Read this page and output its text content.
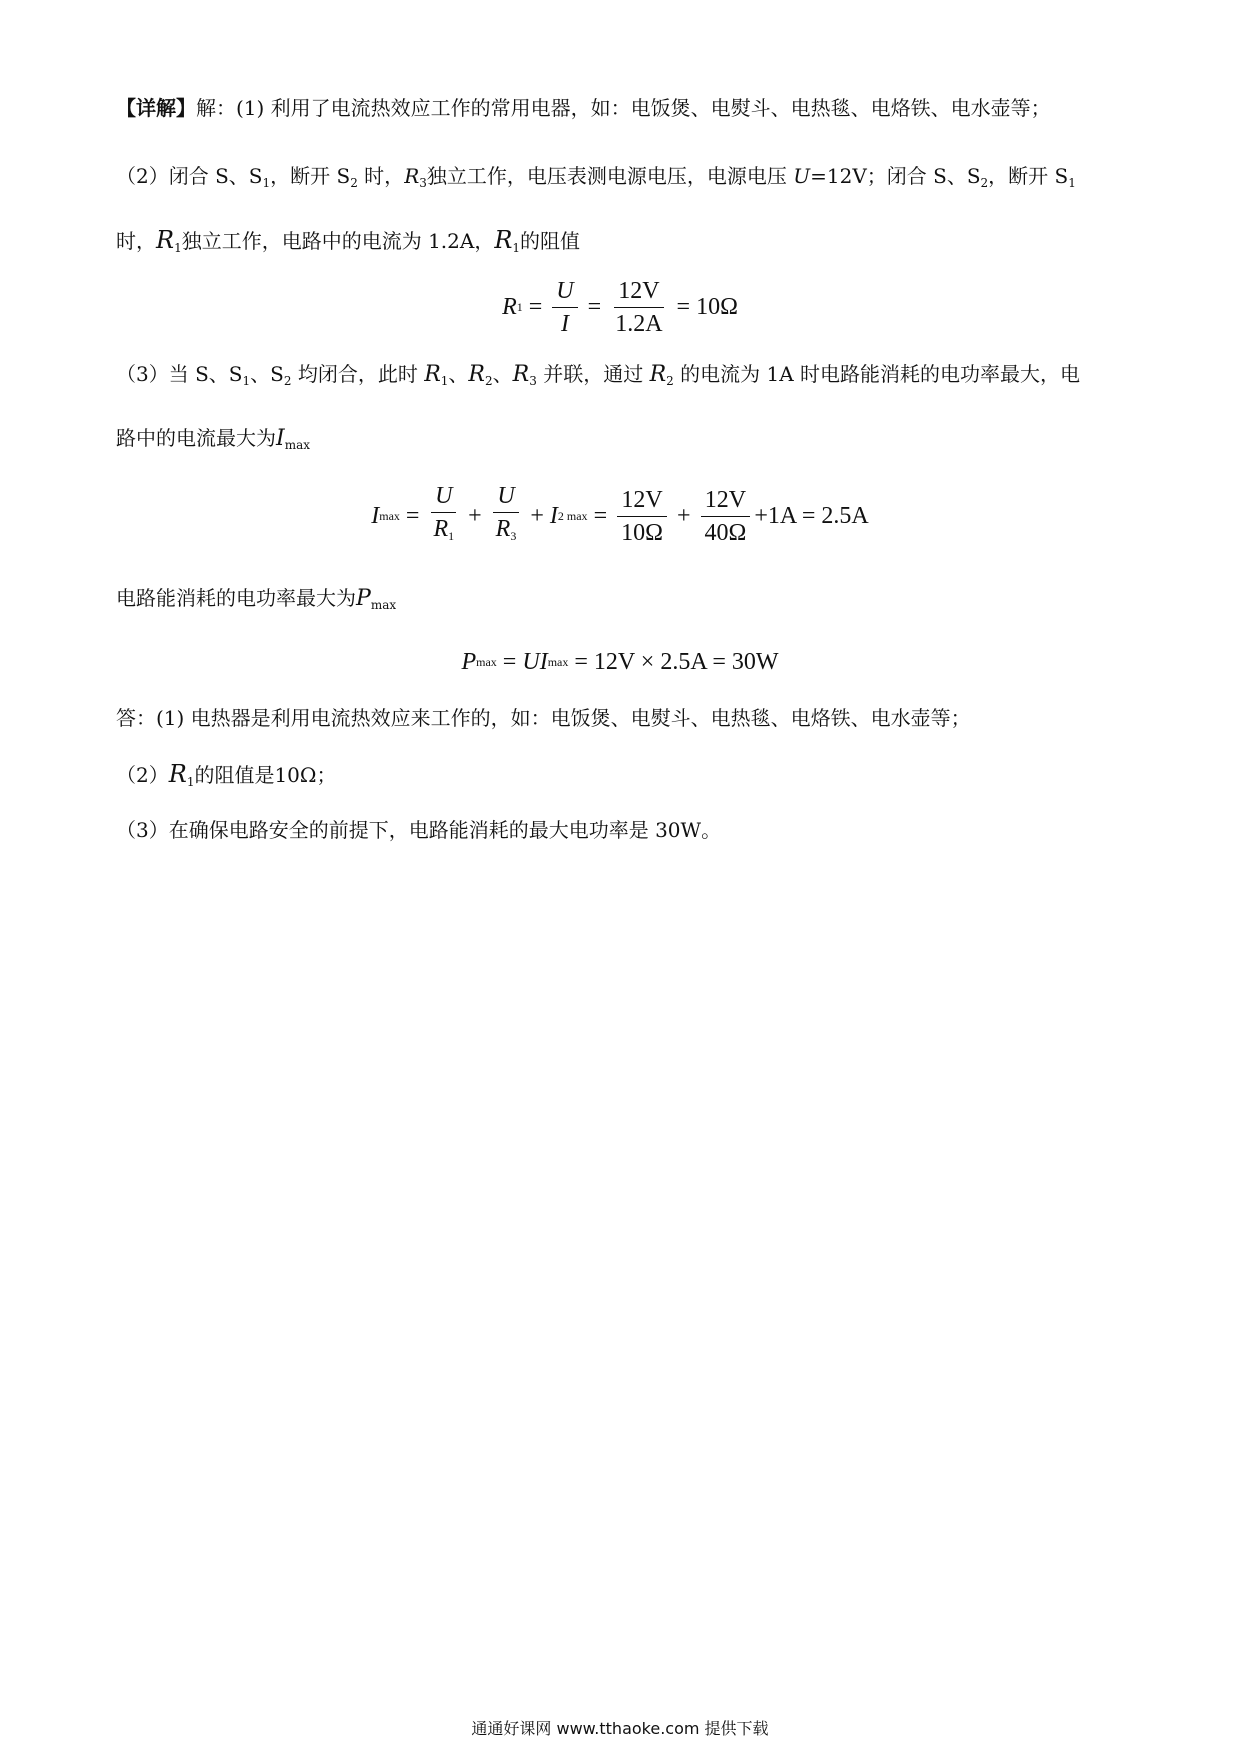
【详解】解：(1) 利用了电流热效应工作的常用电器，如：电饭煲、电熨斗、电热毯、电烙铁、电水壶等；
（2）闭合 S、$S_1$，断开 $S_2$ 时，$R_3$独立工作，电压表测电源电压，电源电压 U=12V；闭合 S、$S_2$，断开 $S_1$
时，$R_1$独立工作，电路中的电流为 1.2A，$R_1$的阻值
R $1 = \frac{U}{I} = \frac{12V}{1.2A} = 10\Omega$
（3）当 S、$S_1$、$S_2$ 均闭合，此时 $R_1$、$R_2$、$R_3$ 并联，通过 $R_2$ 的电流为 1A 时电路能消耗的电功率最大，电
路中的电流最大为$I_{max}$
I $\max = \frac{U}{R_1} + \frac{U}{R_3} + I$ 2 $\max = \frac{12V}{10\Omega} + \frac{12V}{40\Omega} +1A = 2.5A$
电路能消耗的电功率最大为$P_{max}$
P max = U I max = 12V × 2.5A = 30W
答：(1) 电热器是利用电流热效应来工作的，如：电饭煲、电熨斗、电热毯、电烙铁、电水壶等；
$(2)R_1$的阻值是10Ω；
（3）在确保电路安全的前提下，电路能消耗的最大电功率是 30W。
通通好课网 www.tthaoke.com 提供下载
